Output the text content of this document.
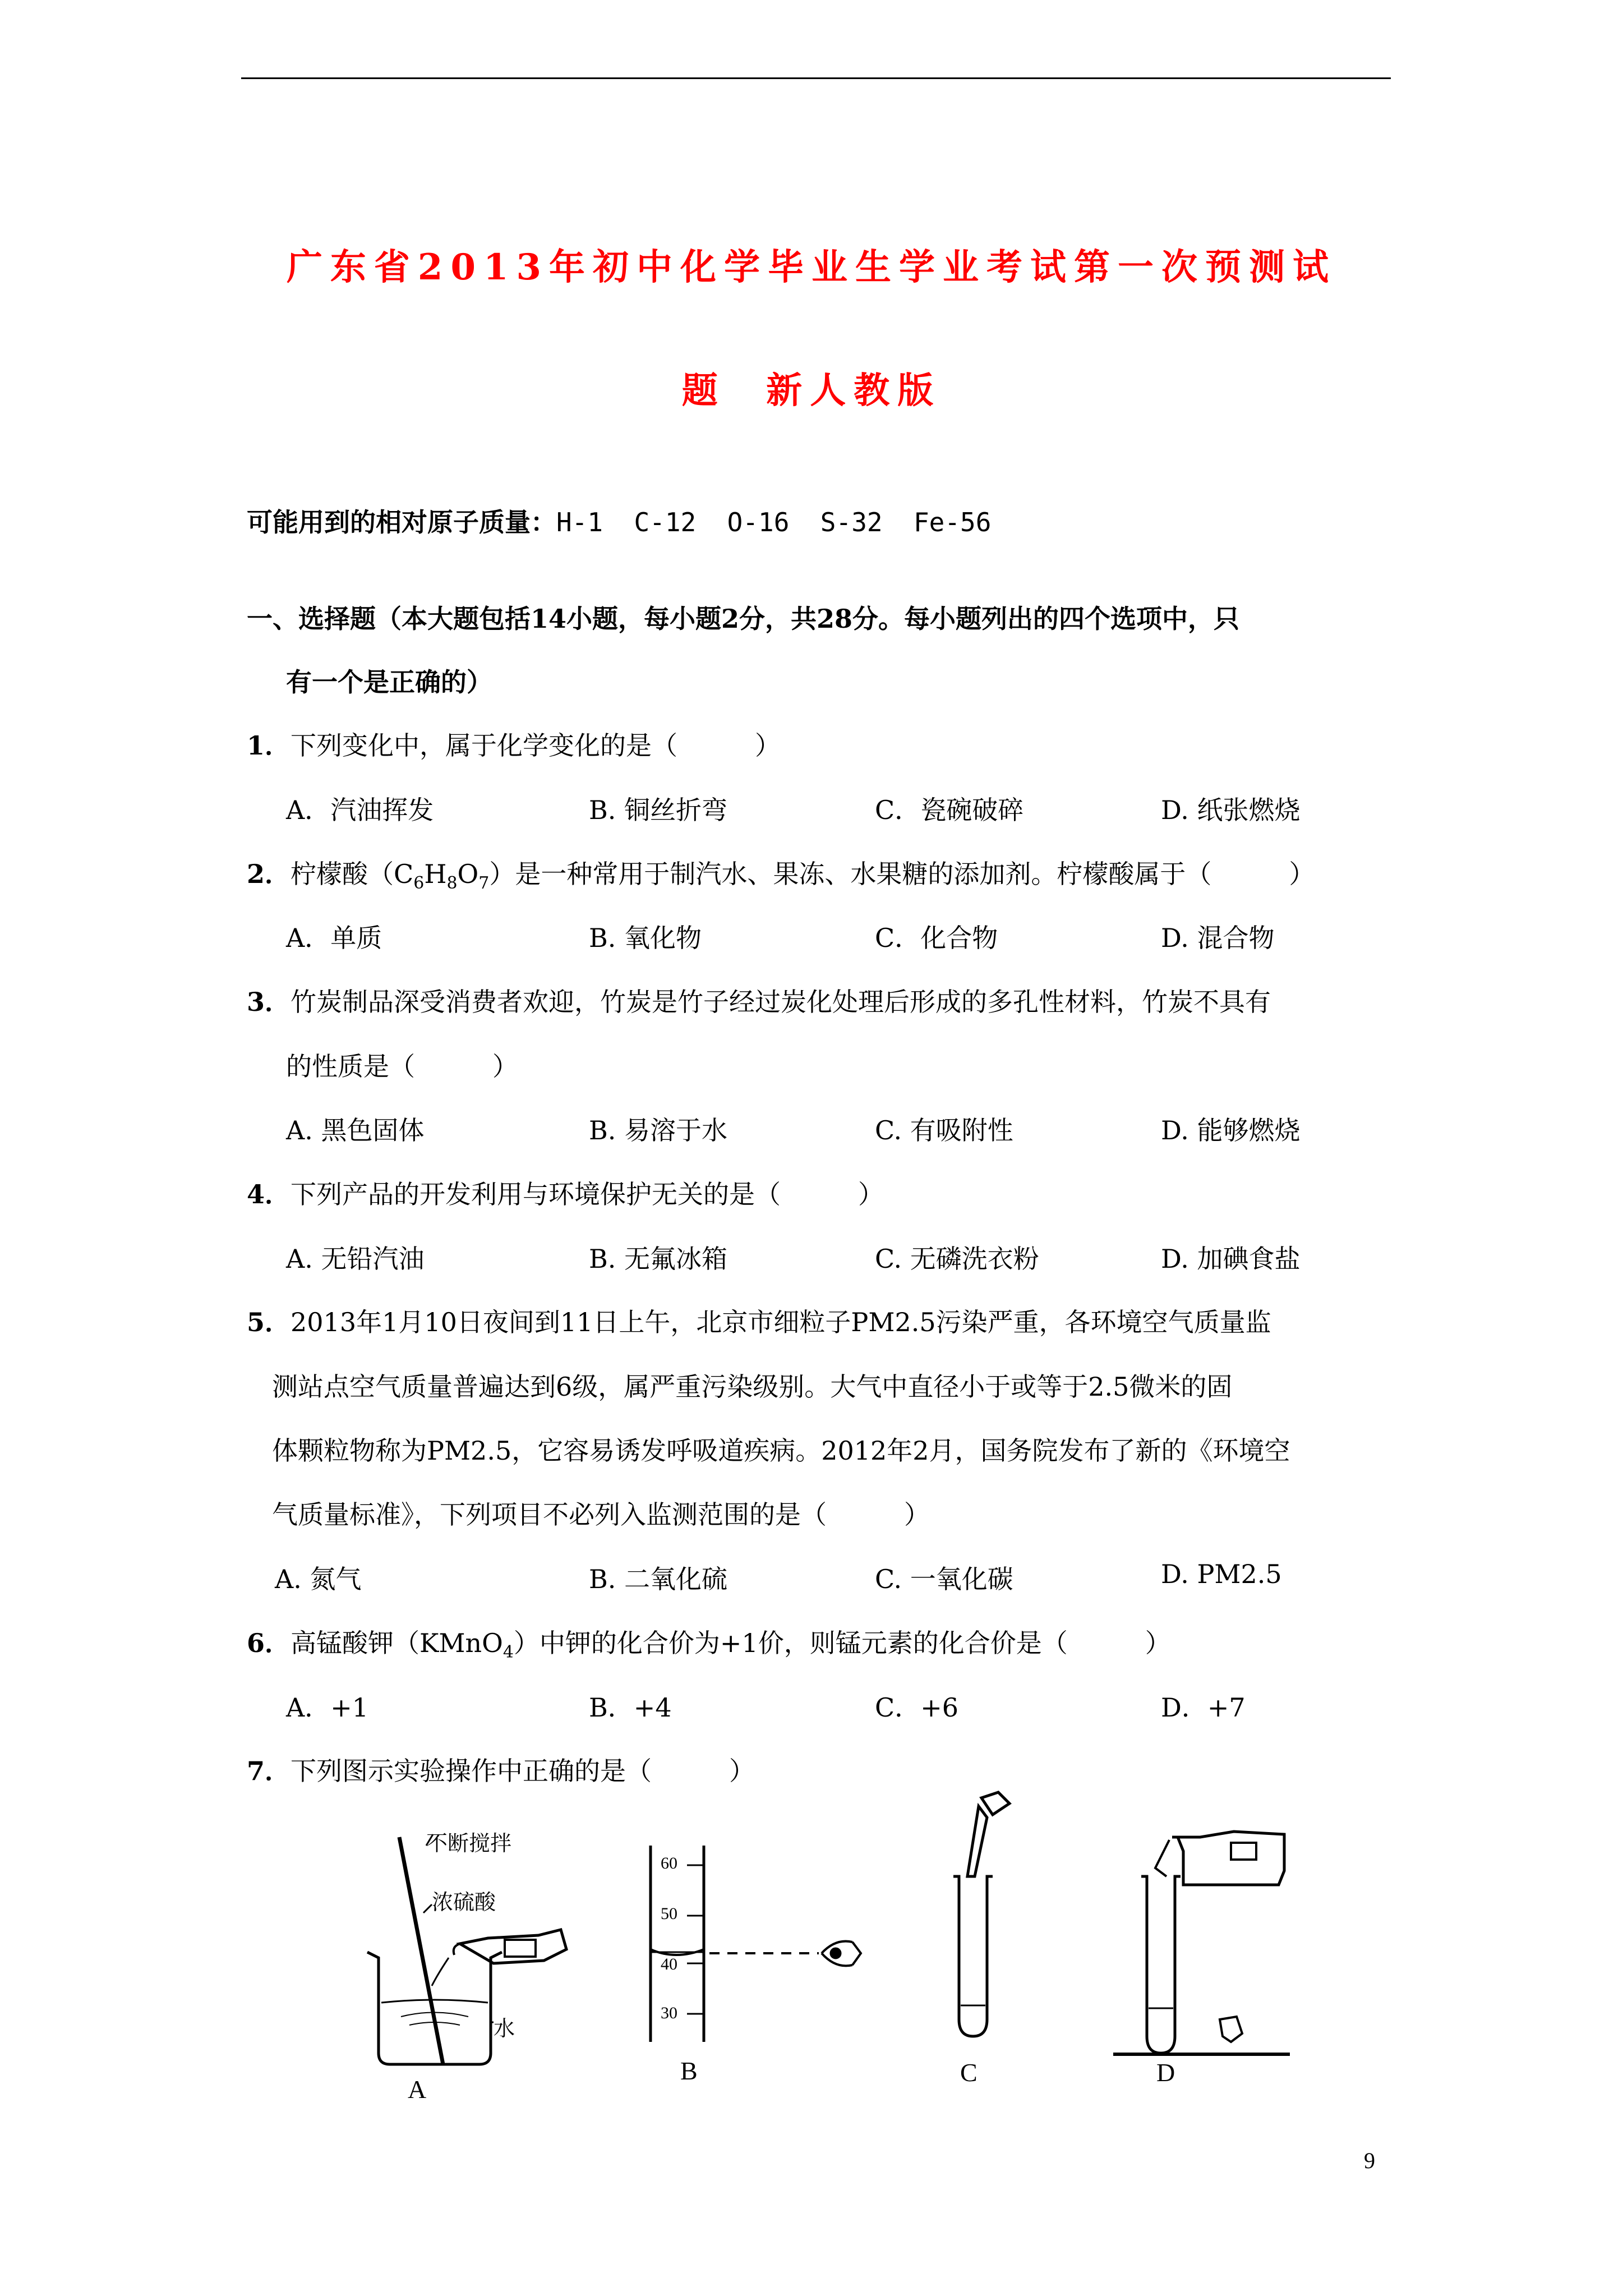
广东省2013年初中化学毕业生学业考试第一次预测试
题  新人教版
可能用到的相对原子质量：H-1  C-12  O-16  S-32  Fe-56
一、选择题（本大题包括14小题，每小题2分，共28分。每小题列出的四个选项中，只
有一个是正确的）
1．下列变化中，属于化学变化的是（　　　）
A．汽油挥发	B. 铜丝折弯	C．瓷碗破碎	D. 纸张燃烧
2．柠檬酸$(C_6H_8O_7)$是一种常用于制汽水、果冻、水果糖的添加剂。柠檬酸属于（　　　）
A．单质	B. 氧化物	C．化合物	D. 混合物
3．竹炭制品深受消费者欢迎，竹炭是竹子经过炭化处理后形成的多孔性材料，竹炭不具有
的性质是（　　　）
A. 黑色固体	B. 易溶于水	C. 有吸附性	D. 能够燃烧
4．下列产品的开发利用与环境保护无关的是（　　　）
A. 无铅汽油	B. 无氟冰箱	C. 无磷洗衣粉	D. 加碘食盐
5．2013年1月10日夜间到11日上午，北京市细粒子PM2.5污染严重，各环境空气质量监
测站点空气质量普遍达到6级，属严重污染级别。大气中直径小于或等于2.5微米的固
体颗粒物称为PM2.5，它容易诱发呼吸道疾病。2012年2月，国务院发布了新的《环境空
气质量标准》，下列项目不必列入监测范围的是（　　　）
A. 氮气	B. 二氧化硫	C. 一氧化碳	D. PM2.5
6．高锰酸钾（KMnO$_4$）中钾的化合价为+1价，则锰元素的化合价是（　　　）
A．+1	B．+4	C．+6	D．+7
7．下列图示实验操作中正确的是（　　　）
不断搅拌
浓硫酸
水
A
60
50
40
30
B	C	D
9
